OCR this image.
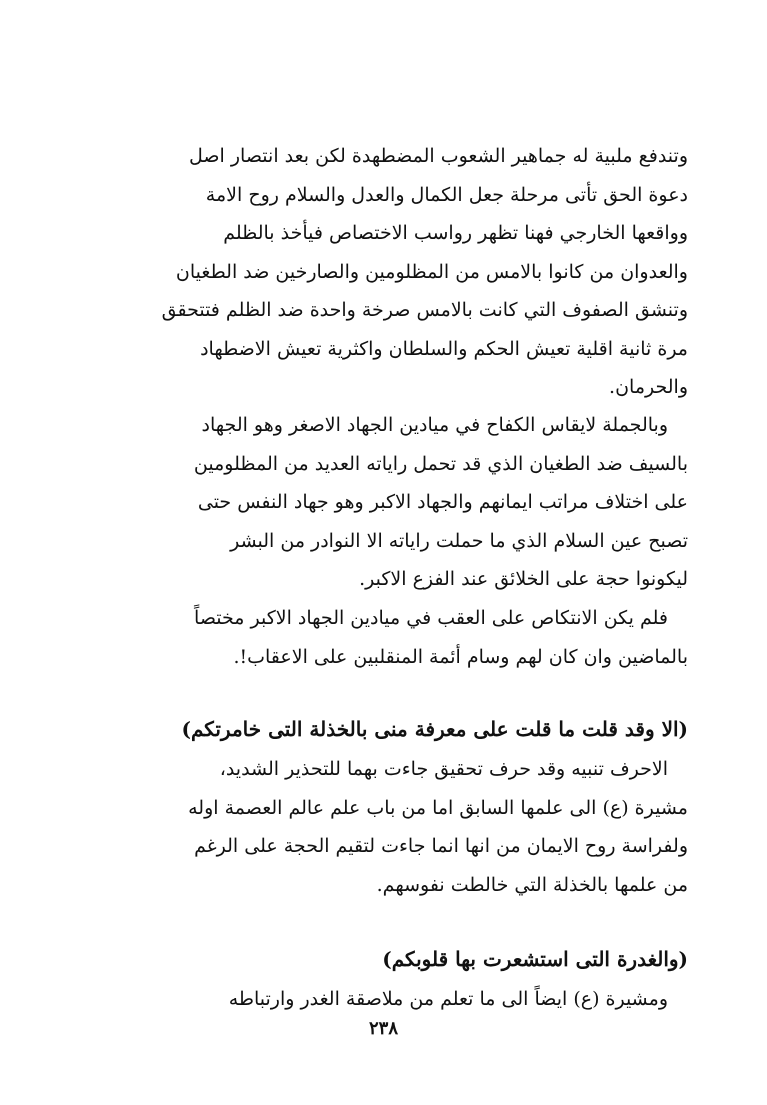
وتندفع ملبية له جماهير الشعوب المضطهدة لكن بعد انتصار اصل
دعوة الحق تأتى مرحلة جعل الكمال والعدل والسلام روح الامة
وواقعها الخارجي فهنا تظهر رواسب الاختصاص فيأخذ بالظلم
والعدوان من كانوا بالامس من المظلومين والصارخين ضد الطغيان
وتنشق الصفوف التي كانت بالامس صرخة واحدة ضد الظلم فتتحقق
مرة ثانية اقلية تعيش الحكم والسلطان واكثرية تعيش الاضطهاد
والحرمان.
وبالجملة لايقاس الكفاح في ميادين الجهاد الاصغر وهو الجهاد
بالسيف ضد الطغيان الذي قد تحمل راياته العديد من المظلومين
على اختلاف مراتب ايمانهم والجهاد الاكبر وهو جهاد النفس حتى
تصبح عين السلام الذي ما حملت راياته الا النوادر من البشر
ليكونوا حجة على الخلائق عند الفزع الاكبر.
فلم يكن الانتكاص على العقب في ميادين الجهاد الاكبر مختصاً
بالماضين وان كان لهم وسام أئمة المنقلبين على الاعقاب!.
(الا وقد قلت ما قلت على معرفة منى بالخذلة التى خامرتكم)
الاحرف تنبيه وقد حرف تحقيق جاءت بهما للتحذير الشديد،
مشيرة (ع) الى علمها السابق اما من باب علم عالم العصمة اوله
ولفراسة روح الايمان من انها انما جاءت لتقيم الحجة على الرغم
من علمها بالخذلة التي خالطت نفوسهم.
(والغدرة التى استشعرت بها قلوبكم)
ومشيرة (ع) ايضاً الى ما تعلم من ملاصقة الغدر وارتباطه
٢٣٨
